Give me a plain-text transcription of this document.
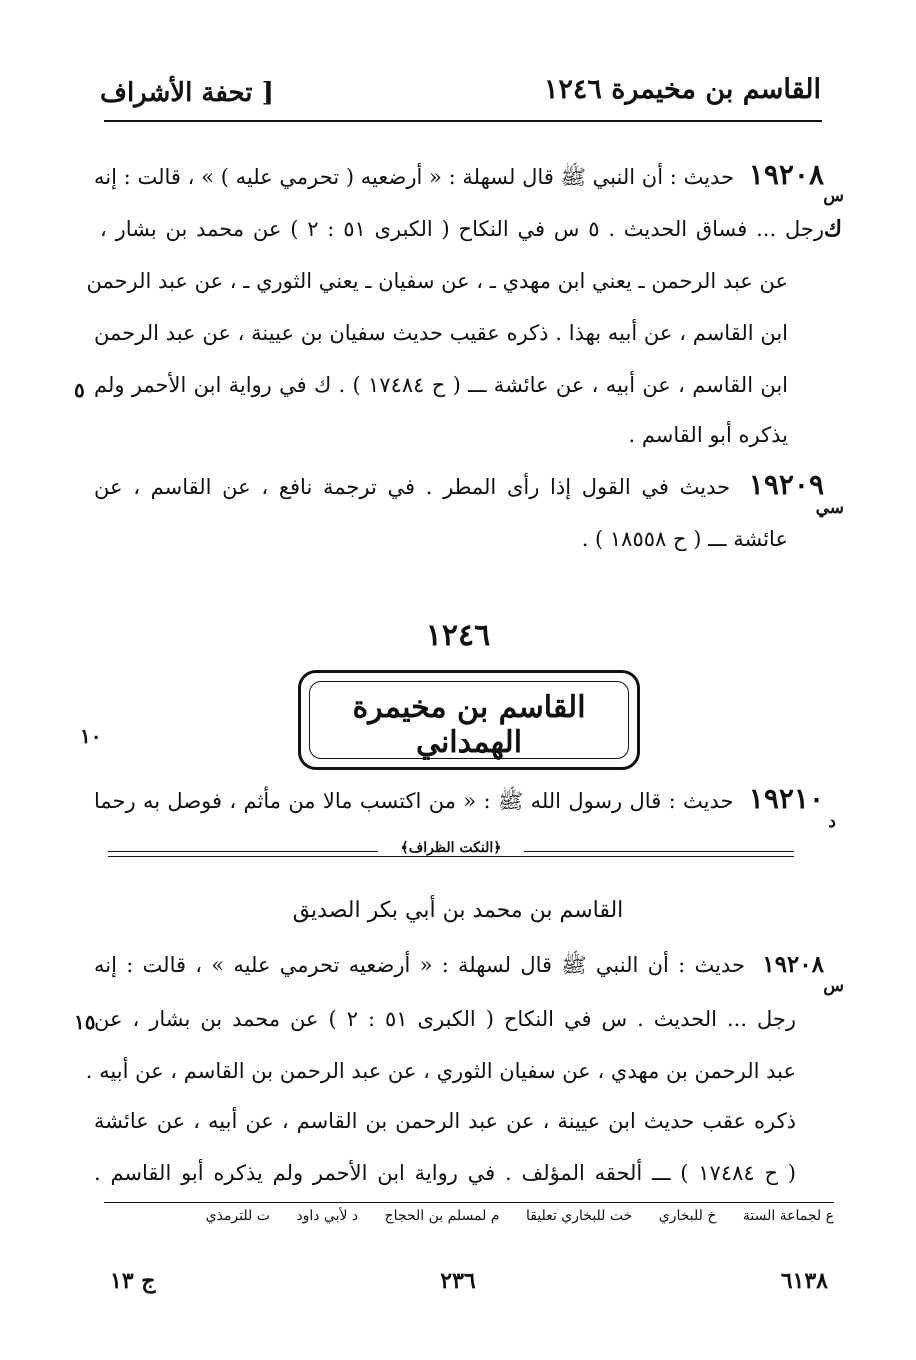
القاسم بن مخيمرة ١٢٤٦
[ تحفة الأشراف
١٩٢٠٨ حديث : أن النبي ﷺ قال لسهلة : « أرضعيه ( تحرمي عليه ) » ، قالت : إنه
س
رجل ... فساق الحديث . ٥ س في النكاح ( الكبرى ٥١ : ٢ ) عن محمد بن بشار ، ك
عن عبد الرحمن ـ يعني ابن مهدي ـ ، عن سفيان ـ يعني الثوري ـ ، عن عبد الرحمن
ابن القاسم ، عن أبيه بهذا . ذكره عقيب حديث سفيان بن عيينة ، عن عبد الرحمن
ابن القاسم ، عن أبيه ، عن عائشة ـــ ( ح ١٧٤٨٤ ) . ك في رواية ابن الأحمر ولم
٥
يذكره أبو القاسم .
١٩٢٠٩ حديث في القول إذا رأى المطر . في ترجمة نافع ، عن القاسم ، عن
سي
عائشة ـــ ( ح ١٨٥٥٨ ) .
١٢٤٦
القاسم بن مخيمرة الهمداني
١٠
١٩٢١٠ حديث : قال رسول الله ﷺ : « من اكتسب مالا من مأثم ، فوصل به رحما
د
﴿النكت الظراف﴾
القاسم بن محمد بن أبي بكر الصديق
١٩٢٠٨ حديث : أن النبي ﷺ قال لسهلة : « أرضعيه تحرمي عليه » ، قالت : إنه
س
رجل ... الحديث . س في النكاح ( الكبرى ٥١ : ٢ ) عن محمد بن بشار ، عن
١٥
عبد الرحمن بن مهدي ، عن سفيان الثوري ، عن عبد الرحمن بن القاسم ، عن أبيه .
ذكره عقب حديث ابن عيينة ، عن عبد الرحمن بن القاسم ، عن أبيه ، عن عائشة
( ح ١٧٤٨٤ ) ـــ ألحقه المؤلف . في رواية ابن الأحمر ولم يذكره أبو القاسم .
ع لجماعة الستة خ للبخاري خت للبخاري تعليقا م لمسلم بن الحجاج د لأبي داود ت للترمذي
٦١٣٨
٢٣٦
ج ١٣
